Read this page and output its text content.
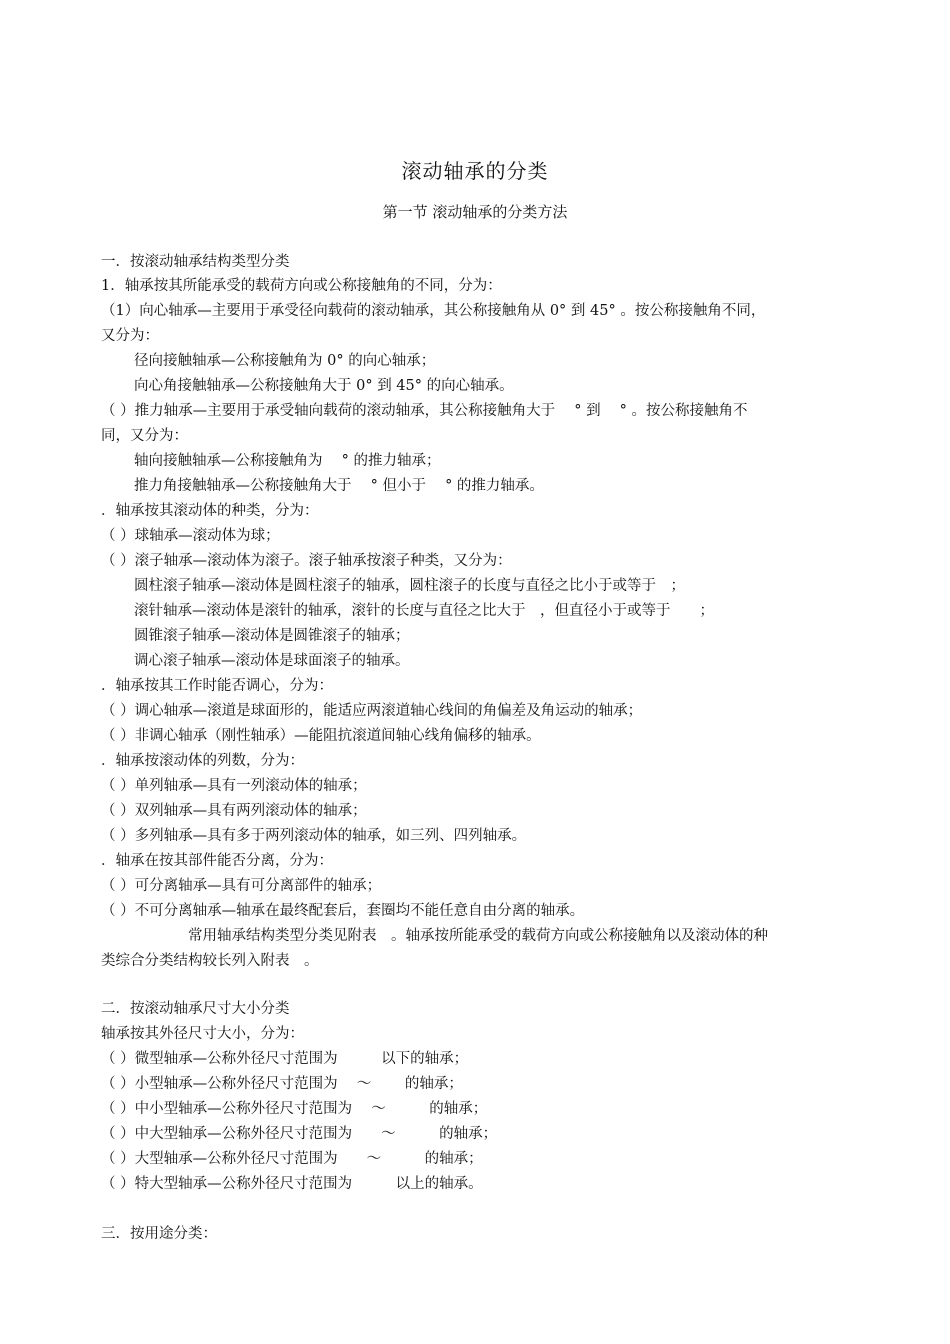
滚动轴承的分类
第一节 滚动轴承的分类方法
一．按滚动轴承结构类型分类
1．轴承按其所能承受的载荷方向或公称接触角的不同，分为：
（1）向心轴承—主要用于承受径向载荷的滚动轴承，其公称接触角从 0° 到 45° 。按公称接触角不同，
又分为：
径向接触轴承—公称接触角为 0° 的向心轴承；
向心角接触轴承—公称接触角大于 0° 到 45° 的向心轴承。
（ ）推力轴承—主要用于承受轴向载荷的滚动轴承，其公称接触角大于　 ° 到　 ° 。按公称接触角不
同，又分为：
轴向接触轴承—公称接触角为　 ° 的推力轴承；
推力角接触轴承—公称接触角大于　 ° 但小于　 ° 的推力轴承。
．轴承按其滚动体的种类，分为：
（ ）球轴承—滚动体为球；
（ ）滚子轴承—滚动体为滚子。滚子轴承按滚子种类，又分为：
圆柱滚子轴承—滚动体是圆柱滚子的轴承，圆柱滚子的长度与直径之比小于或等于　；
滚针轴承—滚动体是滚针的轴承，滚针的长度与直径之比大于　，但直径小于或等于　　；
圆锥滚子轴承—滚动体是圆锥滚子的轴承；
调心滚子轴承—滚动体是球面滚子的轴承。
．轴承按其工作时能否调心，分为：
（ ）调心轴承—滚道是球面形的，能适应两滚道轴心线间的角偏差及角运动的轴承；
（ ）非调心轴承（刚性轴承）—能阻抗滚道间轴心线角偏移的轴承。
．轴承按滚动体的列数，分为：
（ ）单列轴承—具有一列滚动体的轴承；
（ ）双列轴承—具有两列滚动体的轴承；
（ ）多列轴承—具有多于两列滚动体的轴承，如三列、四列轴承。
．轴承在按其部件能否分离，分为：
（ ）可分离轴承—具有可分离部件的轴承；
（ ）不可分离轴承—轴承在最终配套后，套圈均不能任意自由分离的轴承。
常用轴承结构类型分类见附表　。轴承按所能承受的载荷方向或公称接触角以及滚动体的种
类综合分类结构较长列入附表　。
二．按滚动轴承尺寸大小分类
轴承按其外径尺寸大小，分为：
（ ）微型轴承—公称外径尺寸范围为　　　以下的轴承；
（ ）小型轴承—公称外径尺寸范围为　 ～　　 的轴承；
（ ）中小型轴承—公称外径尺寸范围为　 ～　　　的轴承；
（ ）中大型轴承—公称外径尺寸范围为　　～　　　的轴承；
（ ）大型轴承—公称外径尺寸范围为　　～　　　的轴承；
（ ）特大型轴承—公称外径尺寸范围为　　　以上的轴承。
三．按用途分类：
